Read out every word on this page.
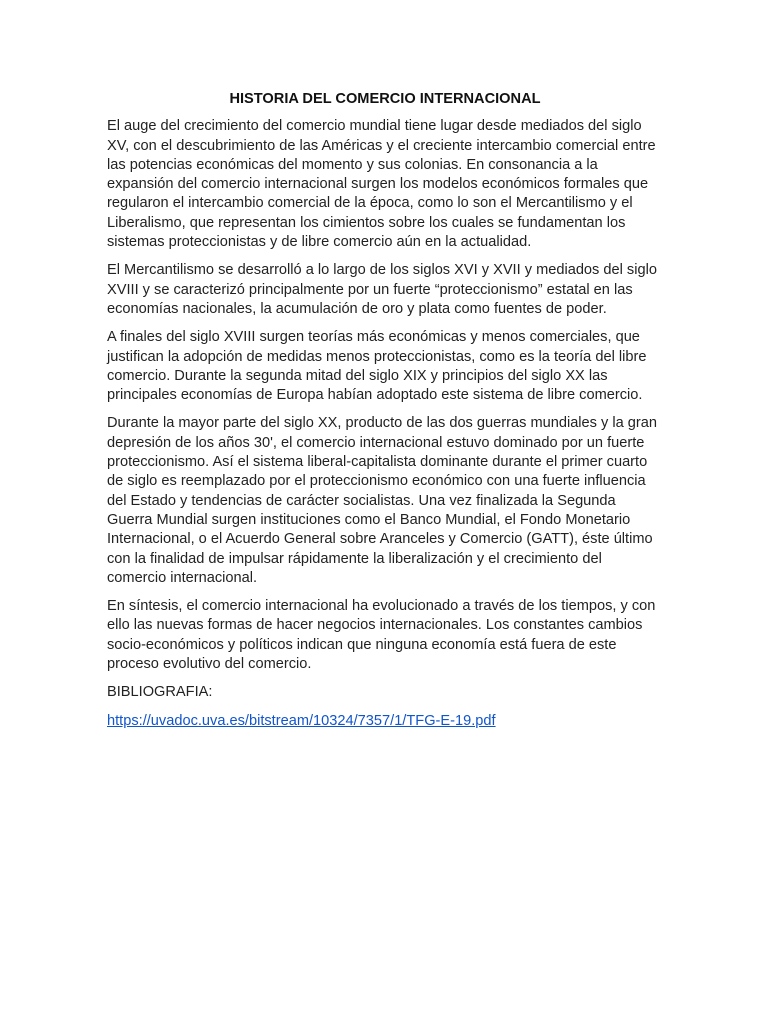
HISTORIA DEL COMERCIO INTERNACIONAL

El auge del crecimiento del comercio mundial tiene lugar desde mediados del siglo XV, con el descubrimiento de las Américas y el creciente intercambio comercial entre las potencias económicas del momento y sus colonias. En consonancia a la expansión del comercio internacional surgen los modelos económicos formales que regularon el intercambio comercial de la época, como lo son el Mercantilismo y el Liberalismo, que representan los cimientos sobre los cuales se fundamentan los sistemas proteccionistas y de libre comercio aún en la actualidad.

El Mercantilismo se desarrolló a lo largo de los siglos XVI y XVII y mediados del siglo XVIII y se caracterizó principalmente por un fuerte “proteccionismo” estatal en las economías nacionales, la acumulación de oro y plata como fuentes de poder.

A finales del siglo XVIII surgen teorías más económicas y menos comerciales, que justifican la adopción de medidas menos proteccionistas, como es la teoría del libre comercio. Durante la segunda mitad del siglo XIX y principios del siglo XX las principales economías de Europa habían adoptado este sistema de libre comercio.

Durante la mayor parte del siglo XX, producto de las dos guerras mundiales y la gran depresión de los años 30', el comercio internacional estuvo dominado por un fuerte proteccionismo. Así el sistema liberal-capitalista dominante durante el primer cuarto de siglo es reemplazado por el proteccionismo económico con una fuerte influencia del Estado y tendencias de carácter socialistas. Una vez finalizada la Segunda Guerra Mundial surgen instituciones como el Banco Mundial, el Fondo Monetario Internacional, o el Acuerdo General sobre Aranceles y Comercio (GATT), éste último con la finalidad de impulsar rápidamente la liberalización y el crecimiento del comercio internacional.

En síntesis, el comercio internacional ha evolucionado a través de los tiempos, y con ello las nuevas formas de hacer negocios internacionales. Los constantes cambios socio-económicos y políticos indican que ninguna economía está fuera de este proceso evolutivo del comercio.

BIBLIOGRAFIA:

https://uvadoc.uva.es/bitstream/10324/7357/1/TFG-E-19.pdf
